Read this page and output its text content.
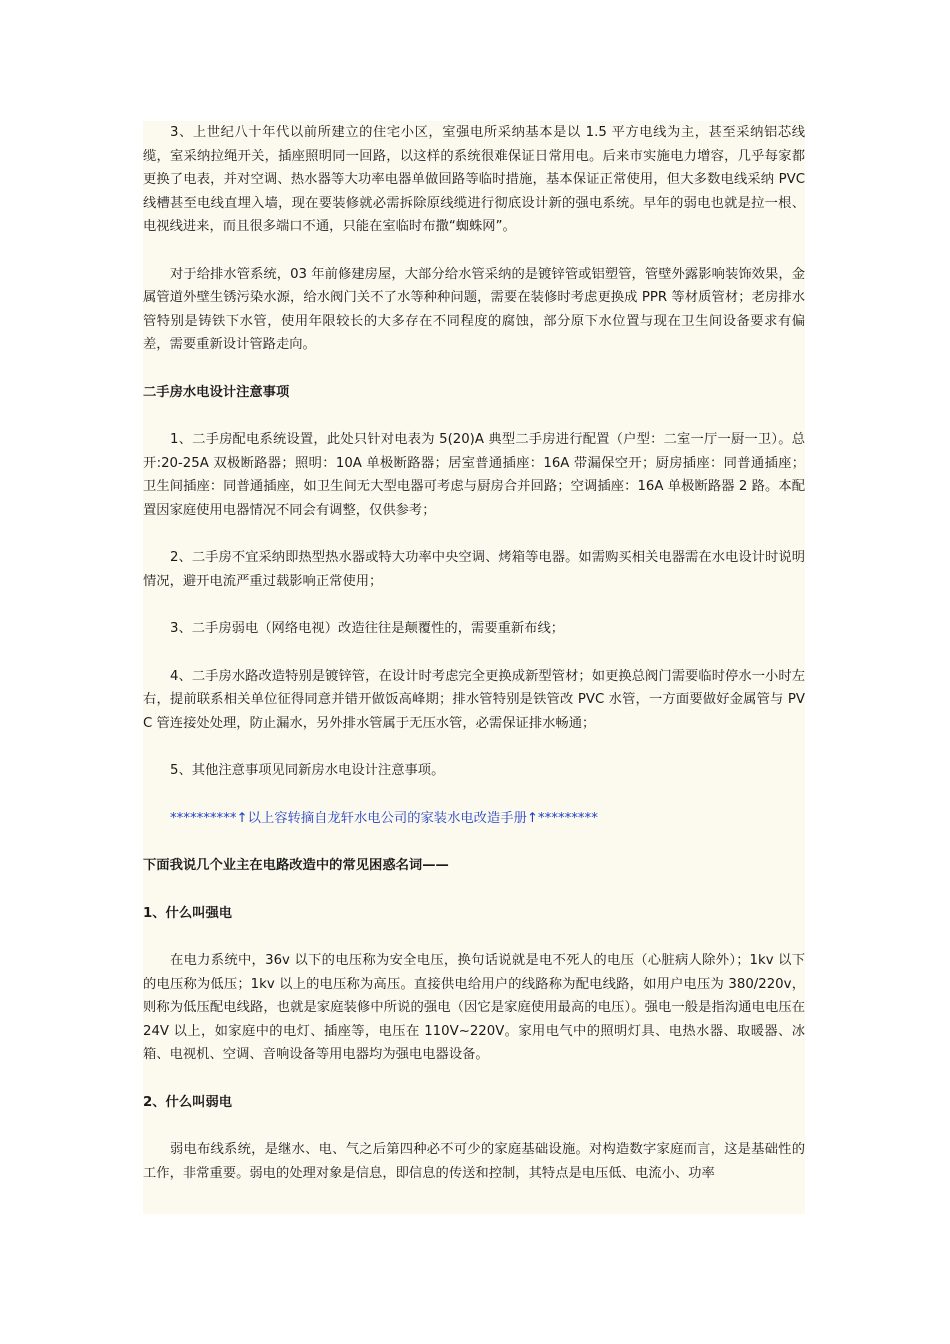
3、上世纪八十年代以前所建立的住宅小区，室强电所采纳基本是以 1.5 平方电线为主，甚至采纳铝芯线缆，室采纳拉绳开关，插座照明同一回路，以这样的系统很难保证日常用电。后来市实施电力增容，几乎每家都更换了电表，并对空调、热水器等大功率电器单做回路等临时措施，基本保证正常使用，但大多数电线采纳 PVC 线槽甚至电线直埋入墙，现在要装修就必需拆除原线缆进行彻底设计新的强电系统。早年的弱电也就是拉一根、电视线进来，而且很多端口不通，只能在室临时布撒“蜘蛛网”。

对于给排水管系统，03 年前修建房屋，大部分给水管采纳的是镀锌管或铝塑管，管壁外露影响装饰效果，金属管道外壁生锈污染水源，给水阀门关不了水等种种问题，需要在装修时考虑更换成 PPR 等材质管材；老房排水管特别是铸铁下水管，使用年限较长的大多存在不同程度的腐蚀，部分原下水位置与现在卫生间设备要求有偏差，需要重新设计管路走向。

二手房水电设计注意事项

1、二手房配电系统设置，此处只针对电表为 5(20)A 典型二手房进行配置（户型：二室一厅一厨一卫）。总开:20-25A 双极断路器；照明：10A 单极断路器；居室普通插座：16A 带漏保空开；厨房插座：同普通插座；卫生间插座：同普通插座，如卫生间无大型电器可考虑与厨房合并回路；空调插座：16A 单极断路器 2 路。本配置因家庭使用电器情况不同会有调整，仅供参考；

2、二手房不宜采纳即热型热水器或特大功率中央空调、烤箱等电器。如需购买相关电器需在水电设计时说明情况，避开电流严重过载影响正常使用；

3、二手房弱电（网络电视）改造往往是颠覆性的，需要重新布线；

4、二手房水路改造特别是镀锌管，在设计时考虑完全更换成新型管材；如更换总阀门需要临时停水一小时左右，提前联系相关单位征得同意并错开做饭高峰期；排水管特别是铁管改 PVC 水管，一方面要做好金属管与 PVC 管连接处处理，防止漏水，另外排水管属于无压水管，必需保证排水畅通；

5、其他注意事项见同新房水电设计注意事项。

**********↑以上容转摘自龙轩水电公司的家装水电改造手册↑*********

下面我说几个业主在电路改造中的常见困惑名词——

1、什么叫强电

在电力系统中，36v 以下的电压称为安全电压，换句话说就是电不死人的电压（心脏病人除外）；1kv 以下的电压称为低压；1kv 以上的电压称为高压。直接供电给用户的线路称为配电线路，如用户电压为 380/220v，则称为低压配电线路，也就是家庭装修中所说的强电（因它是家庭使用最高的电压）。强电一般是指沟通电电压在 24V 以上，如家庭中的电灯、插座等，电压在 110V~220V。家用电气中的照明灯具、电热水器、取暖器、冰箱、电视机、空调、音响设备等用电器均为强电电器设备。

2、什么叫弱电

弱电布线系统，是继水、电、气之后第四种必不可少的家庭基础设施。对构造数字家庭而言，这是基础性的工作，非常重要。弱电的处理对象是信息，即信息的传送和控制，其特点是电压低、电流小、功率
